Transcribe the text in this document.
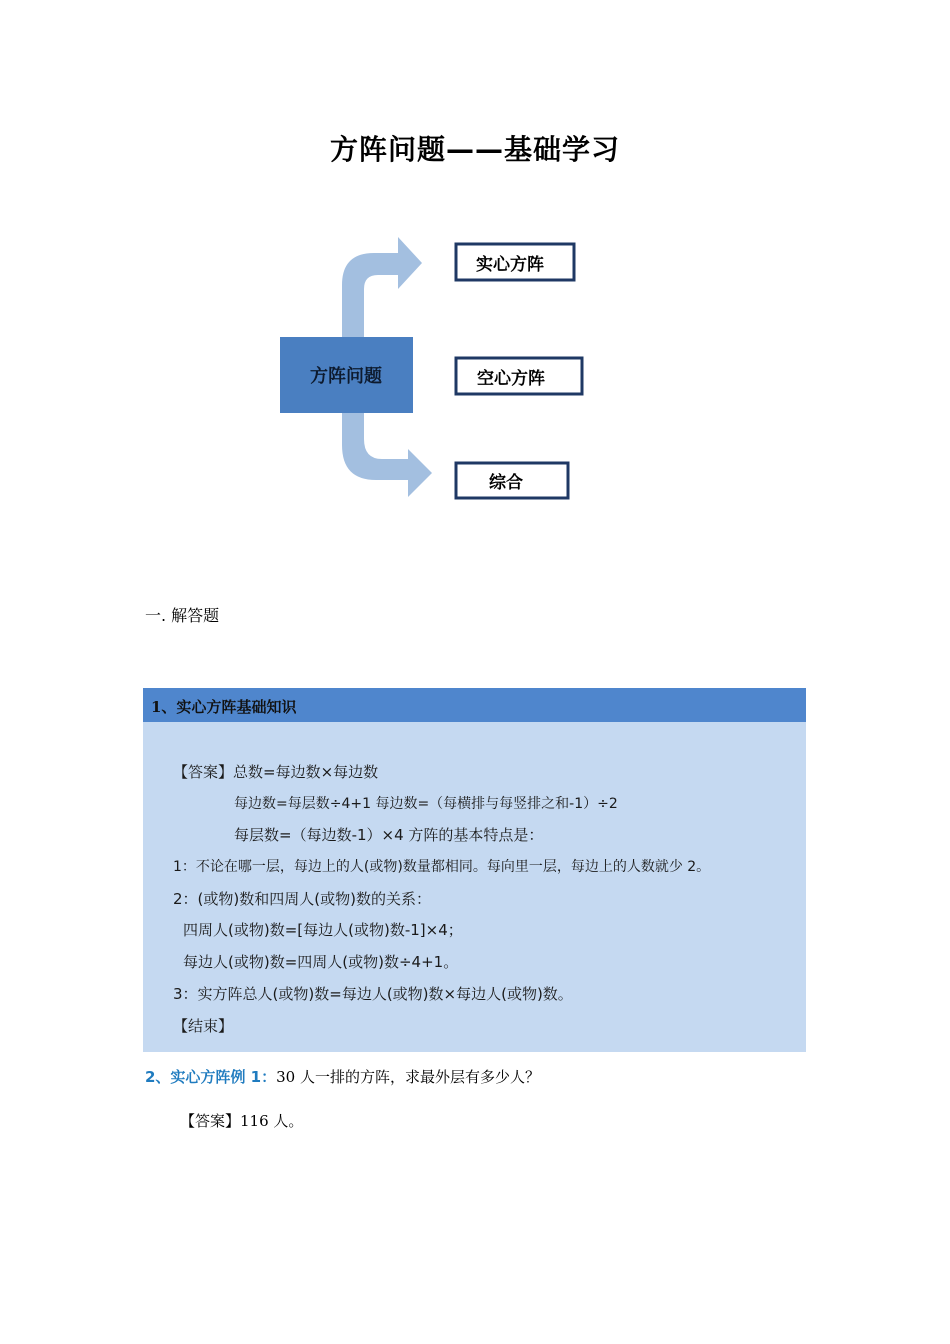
方阵问题——基础学习
方阵问题
实心方阵
空心方阵
综合
一. 解答题
1、实心方阵基础知识
【答案】总数=每边数×每边数
每边数=每层数÷4+1 每边数=（每横排与每竖排之和-1）÷2
每层数=（每边数-1）×4 方阵的基本特点是：
1：不论在哪一层，每边上的人(或物)数量都相同。每向里一层，每边上的人数就少 2。
2：(或物)数和四周人(或物)数的关系：
四周人(或物)数=[每边人(或物)数-1]×4；
每边人(或物)数=四周人(或物)数÷4+1。
3：实方阵总人(或物)数=每边人(或物)数×每边人(或物)数。
【结束】
2、实心方阵例 1：30 人一排的方阵，求最外层有多少人？
【答案】116 人。
